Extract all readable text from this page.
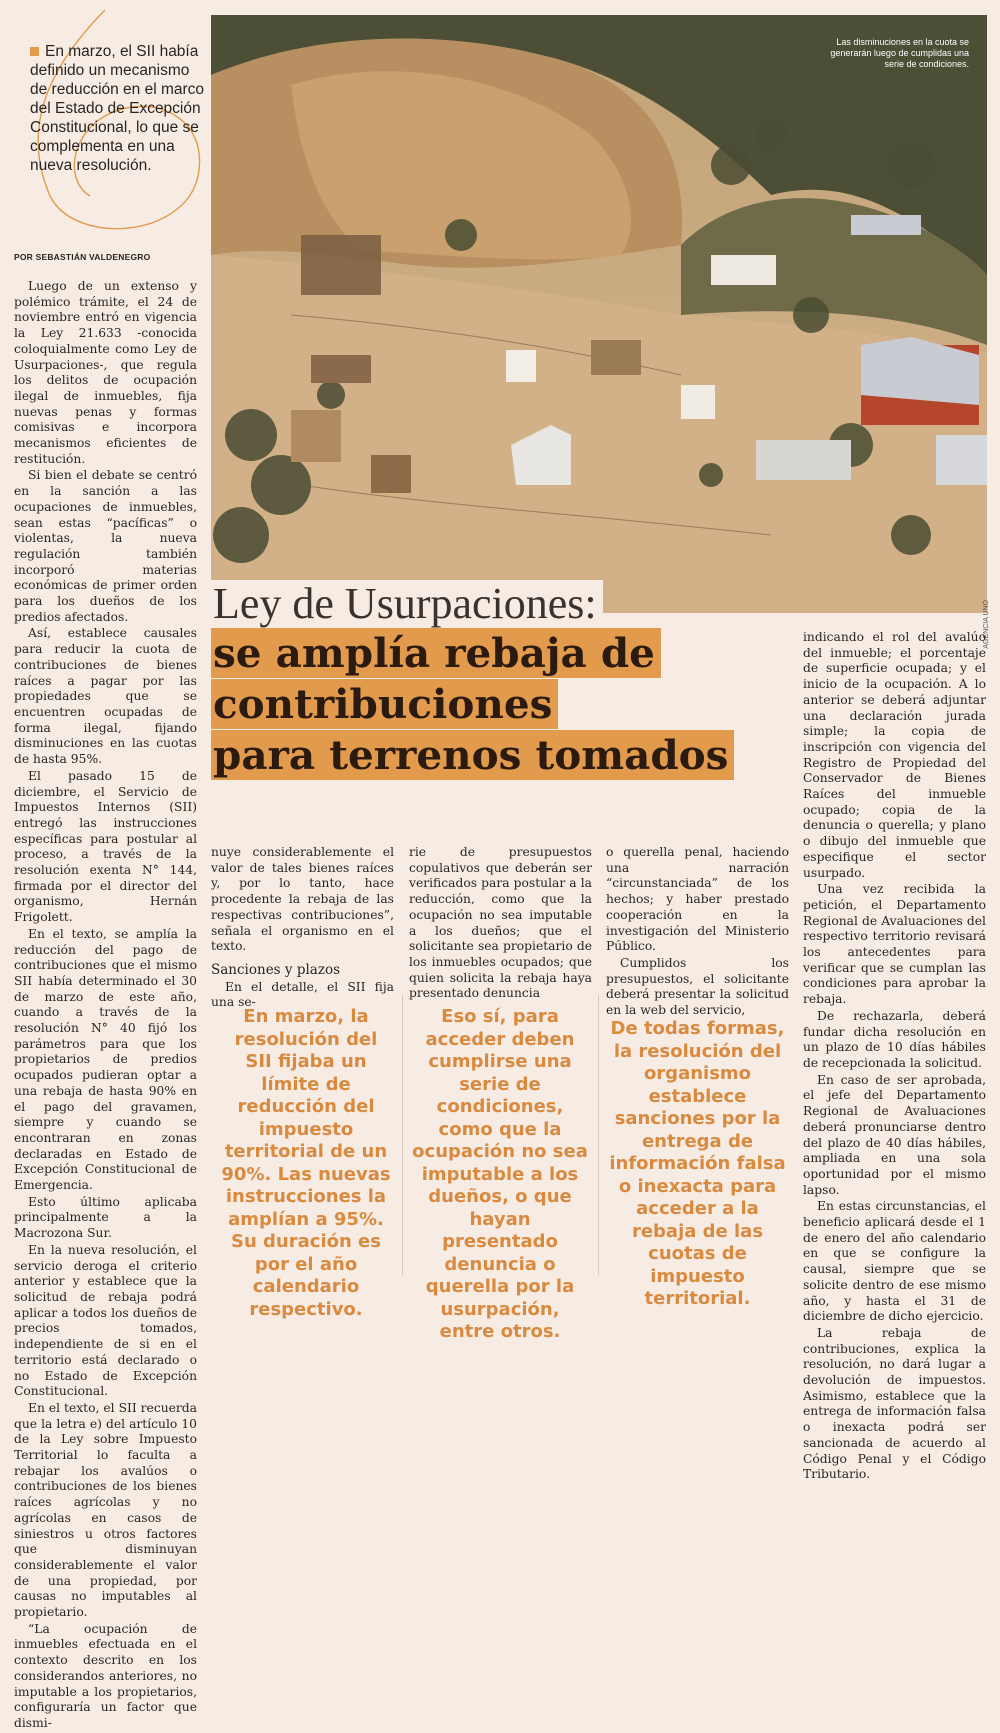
En marzo, el SII había definido un mecanismo de reducción en el marco del Estado de Excepción Constitucional, lo que se complementa en una nueva resolución.
POR SEBASTIÁN VALDENEGRO
Las disminuciones en la cuota se generarán luego de cumplidas una serie de condiciones.
AGENCIA UNO
Ley de Usurpaciones:
se amplía rebaja de
contribuciones
para terrenos tomados

Luego de un extenso y polémico trámite, el 24 de noviembre entró en vigencia la Ley 21.633 -conocida coloquialmente como Ley de Usurpaciones-, que regula los delitos de ocupación ilegal de inmuebles, fija nuevas penas y formas comisivas e incorpora mecanismos eficientes de restitución.

Si bien el debate se centró en la sanción a las ocupaciones de inmuebles, sean estas “pacíficas” o violentas, la nueva regulación también incorporó materias económicas de primer orden para los dueños de los predios afectados.

Así, establece causales para reducir la cuota de contribuciones de bienes raíces a pagar por las propiedades que se encuentren ocupadas de forma ilegal, fijando disminuciones en las cuotas de hasta 95%.

El pasado 15 de diciembre, el Servicio de Impuestos Internos (SII) entregó las instrucciones específicas para postular al proceso, a través de la resolución exenta N° 144, firmada por el director del organismo, Hernán Frigolett.

En el texto, se amplía la reducción del pago de contribuciones que el mismo SII había determinado el 30 de marzo de este año, cuando a través de la resolución N° 40 fijó los parámetros para que los propietarios de predios ocupados pudieran optar a una rebaja de hasta 90% en el pago del gravamen, siempre y cuando se encontraran en zonas declaradas en Estado de Excepción Constitucional de Emergencia.

Esto último aplicaba principalmente a la Macrozona Sur.

En la nueva resolución, el servicio deroga el criterio anterior y establece que la solicitud de rebaja podrá aplicar a todos los dueños de precios tomados, independiente de si en el territorio está declarado o no Estado de Excepción Constitucional.

En el texto, el SII recuerda que la letra e) del artículo 10 de la Ley sobre Impuesto Territorial lo faculta a rebajar los avalúos o contribuciones de los bienes raíces agrícolas y no agrícolas en casos de siniestros u otros factores que disminuyan considerablemente el valor de una propiedad, por causas no imputables al propietario.

“La ocupación de inmuebles efectuada en el contexto descrito en los considerandos anteriores, no imputable a los propietarios, configuraría un factor que dismi-

nuye considerablemente el valor de tales bienes raíces y, por lo tanto, hace procedente la rebaja de las respectivas contribuciones”, señala el organismo en el texto.

Sanciones y plazos

En el detalle, el SII fija una se-

rie de presupuestos copulativos que deberán ser verificados para postular a la reducción, como que la ocupación no sea imputable a los dueños; que el solicitante sea propietario de los inmuebles ocupados; que quien solicita la rebaja haya presentado denuncia

o querella penal, haciendo una narración “circunstanciada” de los hechos; y haber prestado cooperación en la investigación del Ministerio Público.

Cumplidos los presupuestos, el solicitante deberá presentar la solicitud en la web del servicio,

indicando el rol del avalúo del inmueble; el porcentaje de superficie ocupada; y el inicio de la ocupación. A lo anterior se deberá adjuntar una declaración jurada simple; la copia de inscripción con vigencia del Registro de Propiedad del Conservador de Bienes Raíces del inmueble ocupado; copia de la denuncia o querella; y plano o dibujo del inmueble que especifique el sector usurpado.

Una vez recibida la petición, el Departamento Regional de Avaluaciones del respectivo territorio revisará los antecedentes para verificar que se cumplan las condiciones para aprobar la rebaja.

De rechazarla, deberá fundar dicha resolución en un plazo de 10 días hábiles de recepcionada la solicitud.

En caso de ser aprobada, el jefe del Departamento Regional de Avaluaciones deberá pronunciarse dentro del plazo de 40 días hábiles, ampliada en una sola oportunidad por el mismo lapso.

En estas circunstancias, el beneficio aplicará desde el 1 de enero del año calendario en que se configure la causal, siempre que se solicite dentro de ese mismo año, y hasta el 31 de diciembre de dicho ejercicio.

La rebaja de contribuciones, explica la resolución, no dará lugar a devolución de impuestos. Asimismo, establece que la entrega de información falsa o inexacta podrá ser sancionada de acuerdo al Código Penal y el Código Tributario.

En marzo, la resolución del SII fijaba un límite de reducción del impuesto territorial de un 90%. Las nuevas instrucciones la amplían a 95%. Su duración es por el año calendario respectivo.
Eso sí, para acceder deben cumplirse una serie de condiciones, como que la ocupación no sea imputable a los dueños, o que hayan presentado denuncia o querella por la usurpación, entre otros.
De todas formas, la resolución del organismo establece sanciones por la entrega de información falsa o inexacta para acceder a la rebaja de las cuotas de impuesto territorial.
